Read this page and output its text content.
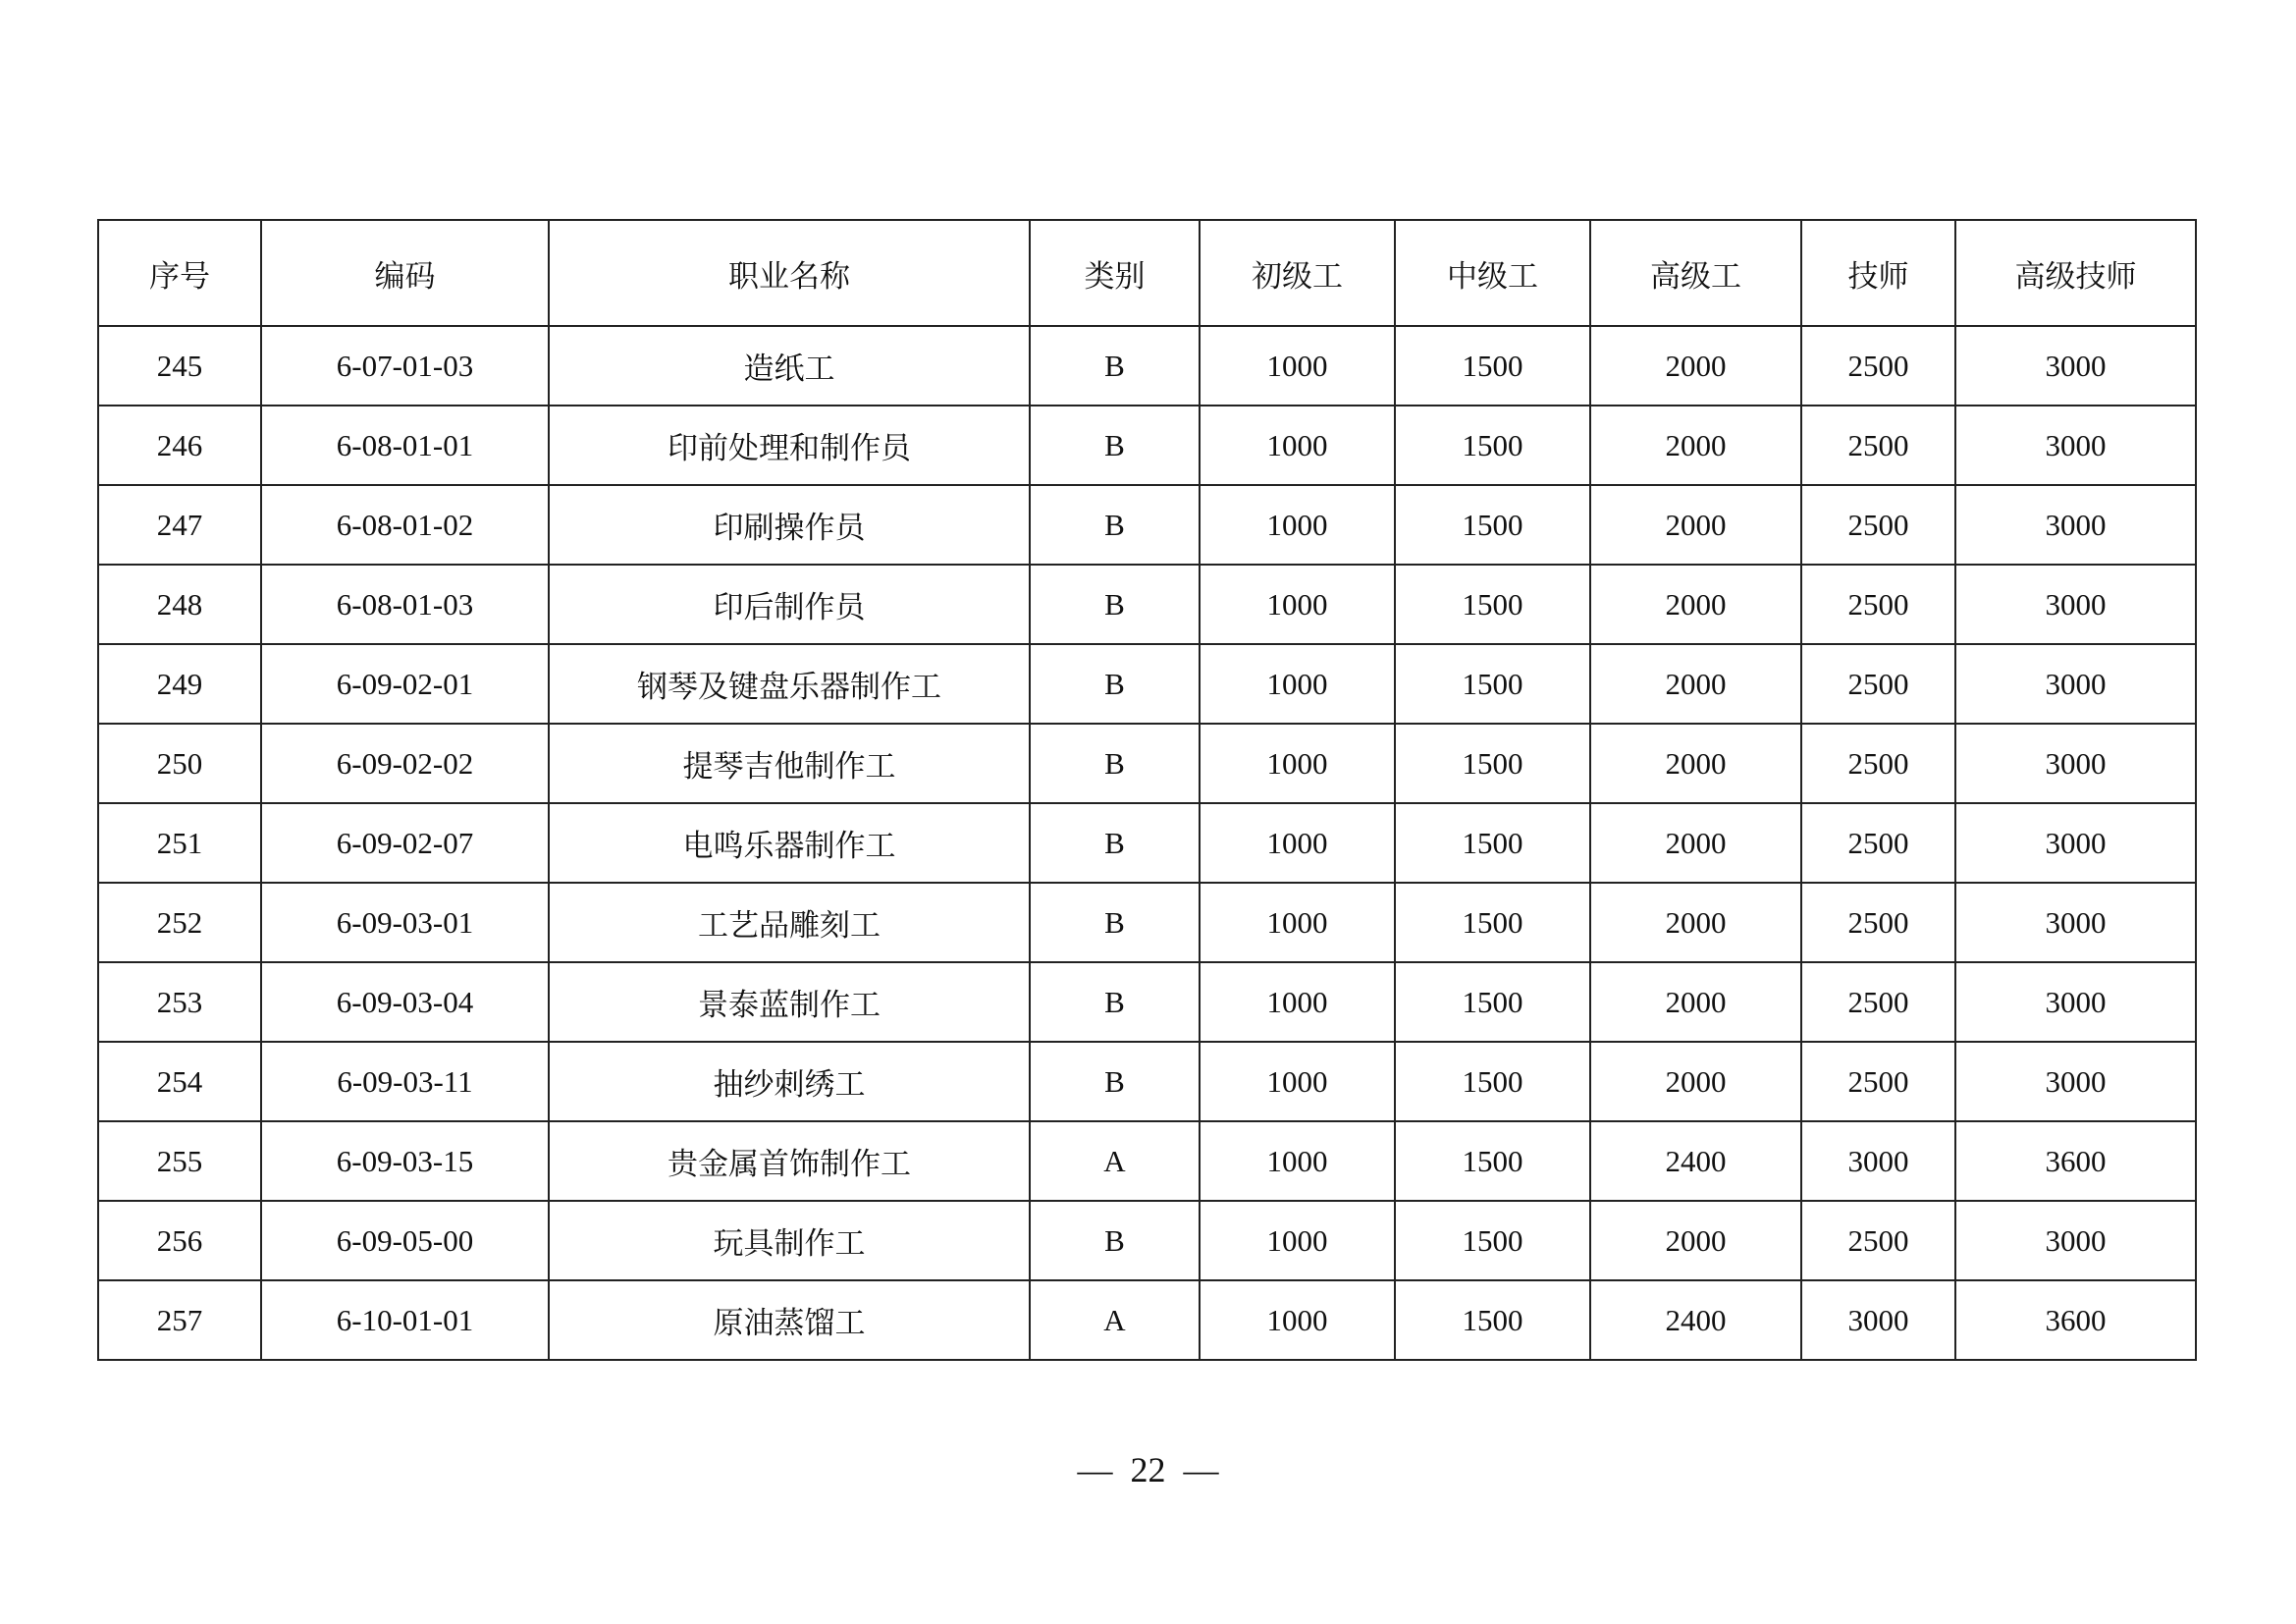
序号	编码	职业名称	类别	初级工	中级工	高级工	技师	高级技师
245	6-07-01-03	造纸工	B	1000	1500	2000	2500	3000
246	6-08-01-01	印前处理和制作员	B	1000	1500	2000	2500	3000
247	6-08-01-02	印刷操作员	B	1000	1500	2000	2500	3000
248	6-08-01-03	印后制作员	B	1000	1500	2000	2500	3000
249	6-09-02-01	钢琴及键盘乐器制作工	B	1000	1500	2000	2500	3000
250	6-09-02-02	提琴吉他制作工	B	1000	1500	2000	2500	3000
251	6-09-02-07	电鸣乐器制作工	B	1000	1500	2000	2500	3000
252	6-09-03-01	工艺品雕刻工	B	1000	1500	2000	2500	3000
253	6-09-03-04	景泰蓝制作工	B	1000	1500	2000	2500	3000
254	6-09-03-11	抽纱刺绣工	B	1000	1500	2000	2500	3000
255	6-09-03-15	贵金属首饰制作工	A	1000	1500	2400	3000	3600
256	6-09-05-00	玩具制作工	B	1000	1500	2000	2500	3000
257	6-10-01-01	原油蒸馏工	A	1000	1500	2400	3000	3600
— 22 —
